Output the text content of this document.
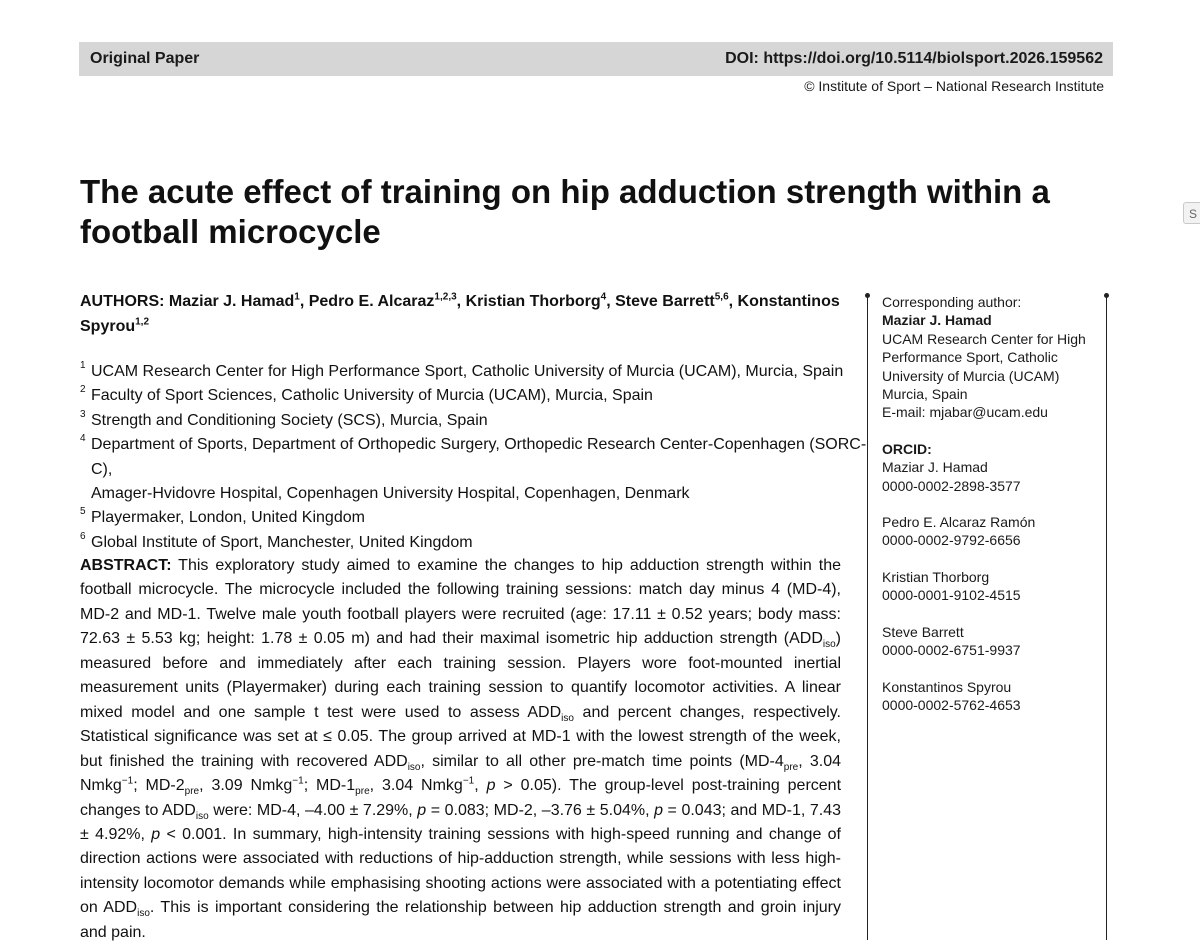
Original Paper	DOI: https://doi.org/10.5114/biolsport.2026.159562
© Institute of Sport – National Research Institute
The acute effect of training on hip adduction strength within a football microcycle
AUTHORS: Maziar J. Hamad$^1$, Pedro E. Alcaraz$^{1,2,3}$, Kristian Thorborg$^4$, Steve Barrett$^{5,6}$, Konstantinos Spyrou$^{1,2}$
1 UCAM Research Center for High Performance Sport, Catholic University of Murcia (UCAM), Murcia, Spain
2 Faculty of Sport Sciences, Catholic University of Murcia (UCAM), Murcia, Spain
3 Strength and Conditioning Society (SCS), Murcia, Spain
4 Department of Sports, Department of Orthopedic Surgery, Orthopedic Research Center-Copenhagen (SORC-C),
Amager-Hvidovre Hospital, Copenhagen University Hospital, Copenhagen, Denmark
5 Playermaker, London, United Kingdom
6 Global Institute of Sport, Manchester, United Kingdom
ABSTRACT: This exploratory study aimed to examine the changes to hip adduction strength within the football microcycle. The microcycle included the following training sessions: match day minus 4 (MD-4), MD-2 and MD-1. Twelve male youth football players were recruited (age: 17.11 ± 0.52 years; body mass: 72.63 ± 5.53 kg; height: 1.78 ± 0.05 m) and had their maximal isometric hip adduction strength $(ADD_{iso})$ measured before and immediately after each training session. Players wore foot-mounted inertial measurement units (Playermaker) during each training session to quantify locomotor activities. A linear mixed model and one sample t test were used to assess $ADD_{iso}$ and percent changes, respectively. Statistical significance was set at ≤ 0.05. The group arrived at MD-1 with the lowest strength of the week, but finished the training with recovered $ADD_{iso}$, similar to all other pre-match time points ($MD-4_{pre}$, 3.04 Nmkg$^{-1}$; $MD-2_{pre}$, 3.09 Nmkg$^{-1}$; $MD-1_{pre}$, 3.04 Nmkg$^{-1}$, p > 0.05). The group-level post-training percent changes to $ADD_{iso}$ were: MD-4, –4.00 ± 7.29%, p = 0.083; MD-2, –3.76 ± 5.04%, p = 0.043; and MD-1, 7.43 ± 4.92%, p < 0.001. In summary, high-intensity training sessions with high-speed running and change of direction actions were associated with reductions of hip-adduction strength, while sessions with less high-intensity locomotor demands while emphasising shooting actions were associated with a potentiating effect on $ADD_{iso}$. This is important considering the relationship between hip adduction strength and groin injury and pain.
Corresponding author:
Maziar J. Hamad
UCAM Research Center for High
Performance Sport, Catholic
University of Murcia (UCAM)
Murcia, Spain
E-mail: mjabar@ucam.edu
ORCID:
Maziar J. Hamad
0000-0002-2898-3577
Pedro E. Alcaraz Ramón
0000-0002-9792-6656
Kristian Thorborg
0000-0001-9102-4515
Steve Barrett
0000-0002-6751-9937
Konstantinos Spyrou
0000-0002-5762-4653
S
